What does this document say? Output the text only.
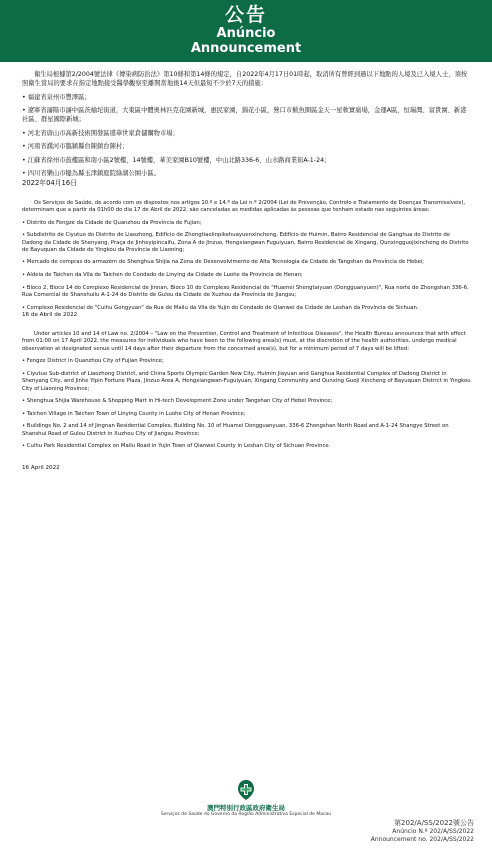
公告
Anúncio
Announcement

衛生局根據第2/2004號法律《傳染病防治法》第10條和第14條的規定，自2022年4月17日01時起，取消所有曾經到過以下地點的人境及已入境人士，須按照衛生當局的要求在指定地點接受醫學觀察至離開當地後14天但最短不少於7天的措施：

• 福建省泉州市豐澤區；

• 遼寧省瀋陽市瀋中區茨榆坨街道，大東區中體奧林匹克花園新城，惠民家園，錦花小區，營口市鮁魚圈區金天一星軟實廣場，金運A區，恒瑞灣、富貴園、新港社區、群星國際新城；

• 河北省唐山市高新技術開發區盛華世家倉儲購物市場；

• 河南省濮河市臨潁縣台陳鎮台陳村；

• 江蘇省徐州市鼓樓區和南小區2號樓，14號樓，華美家園B10號樓，中山北路336-6、山水路商業街A-1-24；

• 四川省樂山市犍為縣玉津鎮庭院綠湖公園小區。

2022年04月16日

Os Serviços de Saúde, de acordo com os dispostos nos artigos 10.º e 14.º da Lei n.º 2/2004 (Lei de Prevenção, Controlo e Tratamento de Doenças Transmissíveis), determinam que a partir da 01h00 do dia 17 de Abril de 2022, são canceladas as medidas aplicadas às pessoas que tenham estado nas seguintes áreas:

• Distrito de Fengze da Cidade de Quanzhou da Província de Fujian;

• Subdistrito de Ciyutuo do Distrito de Liaozhong, Edifício de Zhongtiaolinpikehuayuenxincheng, Edifício de Huimin, Bairro Residencial de Ganghua do Distrito de Dadong da Cidade de Shenyang, Praça de Jinheyipincaifu, Zona A de Jinzuo, Hengxiangwan Fuguiyuan, Bairro Residencial de Xingang, Qunxingguojixincheng do Distrito de Bayuquan da Cidade de Yingkou da Província de Liaoning;

• Mercado de compras do armazém de Shenghua Shijia na Zona de Desenvolvimento de Alta Tecnologia da Cidade de Tangshan da Província de Hebei;

• Aldeia de Taichen da Vila de Taichen do Condado de Linying da Cidade de Luohe da Província de Henan;

• Bloco 2, Bloco 14 do Complexo Residencial de Jinnan, Bloco 10 do Complexo Residencial de "Huamei Shengtaiyuan (Dongguanyuen)", Rua norte de Zhongshan 336-6, Rua Comercial de Shanshuilu A-1-24 do Distrito de Gulou da Cidade de Xuzhou da Província de Jiangsu;

• Complexo Residencial de "Cuihu Gongyuan" da Rua de Mailu da Vila de Yujin do Condado de Qianwei da Cidade de Leshan da Província de Sichuan.

16 de Abril de 2022

Under articles 10 and 14 of Law no. 2/2004 – "Law on the Prevention, Control and Treatment of Infectious Diseases", the Health Bureau announces that with effect from 01:00 on 17 April 2022, the measures for individuals who have been to the following area(s) must, at the discretion of the health authorities, undergo medical observation at designated venue until 14 days after their departure from the concerned area(s), but for a minimum period of 7 days will be lifted:

• Fengze District in Quanzhou City of Fujian Province;

• Ciyutuo Sub-district of Liaozhong District, and China Sports Olympic Garden New City, Huimin Jiayuan and Ganghua Residential Complex of Dadong District in Shenyang City, and Jinhe Yipin Fortune Plaza, Jinzuo Area A, Hengxiangwan-Fuguiyuan, Xingang Community and Qunxing Guoji Xincheng of Bayuquan District in Yingkou City of Liaoning Province;

• Shenghua Shijia Warehouse & Shopping Mart in Hi-tech Development Zone under Tangshan City of Hebei Province;

• Taichen Village in Taichen Town of Linying County in Luohe City of Henan Province;

• Buildings No. 2 and 14 of Jingnan Residential Complex, Building No. 10 of Huamei Dongguanyuan, 336-6 Zhongshan North Road and A-1-24 Shangye Street on Shanshui Road of Gulou District in Xuzhou City of Jiangsu Province;

• Cuihu Park Residential Complex on Mailu Road in Yujin Town of Qianwei County in Leshan City of Sichuan Province.

16 April 2022

澳門特別行政區政府衛生局
Serviços de Saúde do Governo da Região Administrativa Especial de Macau
第202/A/SS/2022號公告
Anúncio N.º 202/A/SS/2022
Announcement no. 202/A/SS/2022
